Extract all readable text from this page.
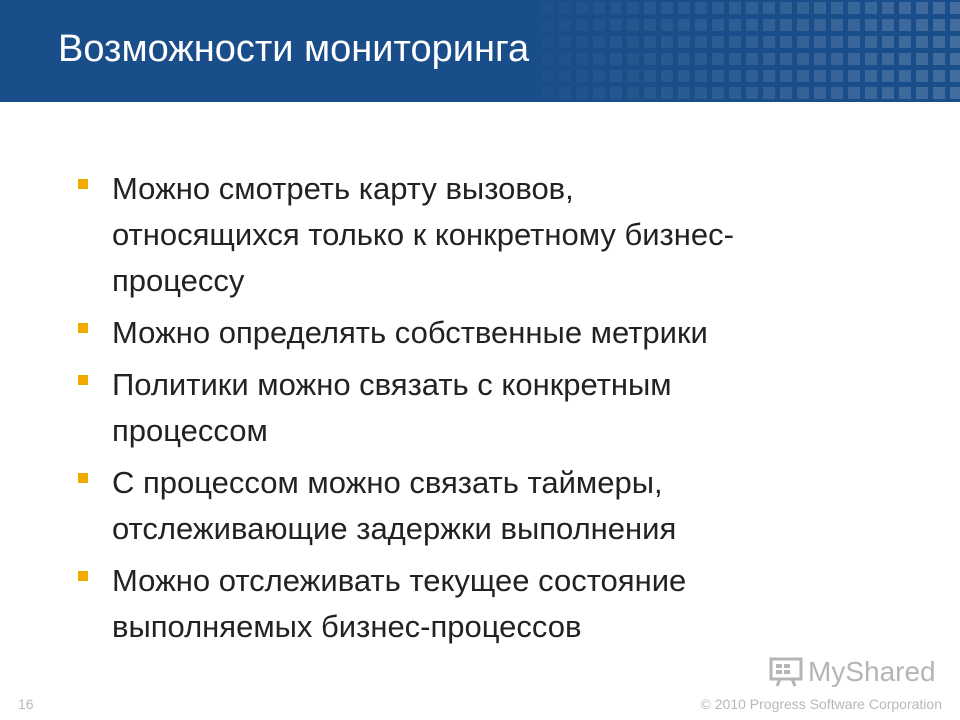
Возможности мониторинга
Можно смотреть карту вызовов,
относящихся только к конкретному бизнес-
процессу
Можно определять собственные метрики
Политики можно связать с конкретным
процессом
С процессом можно связать таймеры,
отслеживающие задержки выполнения
Можно отслеживать текущее состояние
выполняемых бизнес-процессов
MyShared
16	© 2010 Progress Software Corporation
